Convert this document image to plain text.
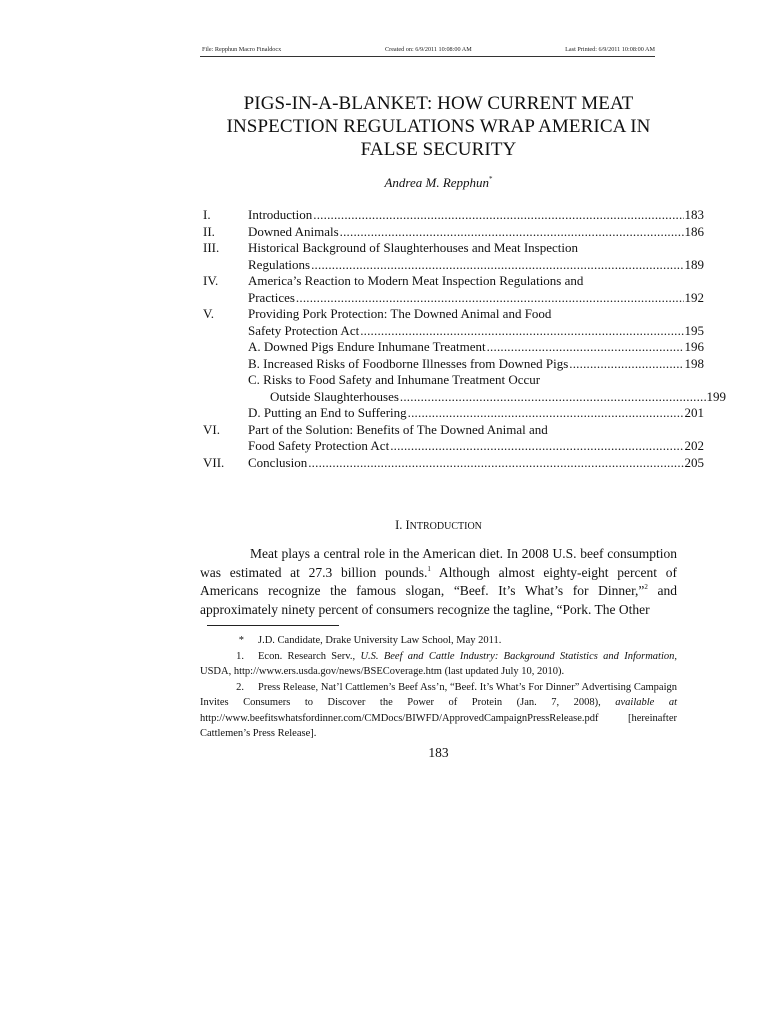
File: Repphun Macro Finaldocx	Created on: 6/9/2011 10:08:00 AM	Last Printed: 6/9/2011 10:08:00 AM
PIGS-IN-A-BLANKET: HOW CURRENT MEAT
INSPECTION REGULATIONS WRAP AMERICA IN
FALSE SECURITY
Andrea M. Repphun*
I.	Introduction .....	183
II.	Downed Animals .....	186
III. Historical Background of Slaughterhouses and Meat Inspection
Regulations .....	189
IV. America’s Reaction to Modern Meat Inspection Regulations and
Practices .....	192
V.	Providing Pork Protection: The Downed Animal and Food
Safety Protection Act .....	195
A. Downed Pigs Endure Inhumane Treatment .....	196
B. Increased Risks of Foodborne Illnesses from Downed Pigs .....	198
C. Risks to Food Safety and Inhumane Treatment Occur
Outside Slaughterhouses .....	199
D. Putting an End to Suffering .....	201
VI. Part of the Solution: Benefits of The Downed Animal and
Food Safety Protection Act .....	202
VII. Conclusion .....	205
I. INTRODUCTION

Meat plays a central role in the American diet. In 2008 U.S. beef consumption was estimated at 27.3 billion pounds.$^1$ Although almost eighty-eight percent of Americans recognize the famous slogan, “Beef. It’s What’s for Dinner,”$^2$ and approximately ninety percent of consumers recognize the tagline, “Pork. The Other

* J.D. Candidate, Drake University Law School, May 2011.

1. Econ. Research Serv., U.S. Beef and Cattle Industry: Background Statistics and Information, USDA, http://www.ers.usda.gov/news/BSECoverage.htm (last updated July 10, 2010).

2. Press Release, Nat’l Cattlemen’s Beef Ass’n, “Beef. It’s What’s For Dinner” Advertising Campaign Invites Consumers to Discover the Power of Protein (Jan. 7, 2008), available at http://www.beefitswhatsfordinner.com/CMDocs/BIWFD/ApprovedCampaignPressRelease.pdf [hereinafter Cattlemen’s Press Release].

183
